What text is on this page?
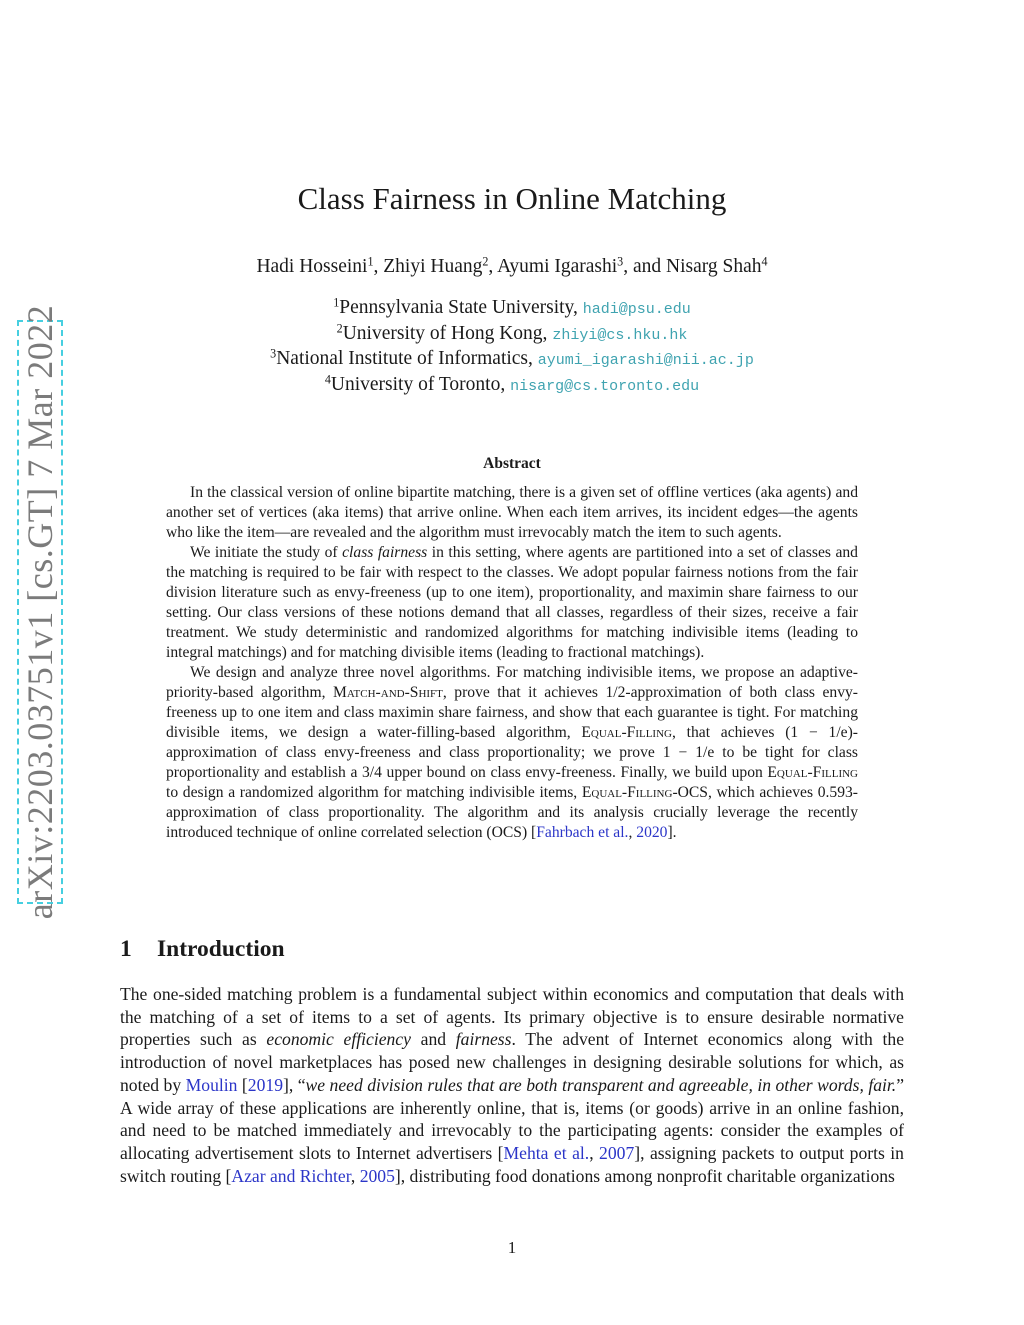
arXiv:2203.03751v1 [cs.GT] 7 Mar 2022
Class Fairness in Online Matching
Hadi Hosseini$^1$, Zhiyi Huang$^2$, Ayumi Igarashi$^3$, and Nisarg Shah$^4$
$^1$Pennsylvania State University, hadi@psu.edu
$^2$University of Hong Kong, zhiyi@cs.hku.hk
$^3$National Institute of Informatics, ayumi_igarashi@nii.ac.jp
$^4$University of Toronto, nisarg@cs.toronto.edu
Abstract

In the classical version of online bipartite matching, there is a given set of offline vertices (aka agents) and another set of vertices (aka items) that arrive online. When each item arrives, its incident edges—the agents who like the item—are revealed and the algorithm must irrevocably match the item to such agents.

We initiate the study of class fairness in this setting, where agents are partitioned into a set of classes and the matching is required to be fair with respect to the classes. We adopt popular fairness notions from the fair division literature such as envy-freeness (up to one item), proportionality, and maximin share fairness to our setting. Our class versions of these notions demand that all classes, regardless of their sizes, receive a fair treatment. We study deterministic and randomized algorithms for matching indivisible items (leading to integral matchings) and for matching divisible items (leading to fractional matchings).

We design and analyze three novel algorithms. For matching indivisible items, we propose an adaptive-priority-based algorithm, Match-and-Shift, prove that it achieves 1/2-approximation of both class envy-freeness up to one item and class maximin share fairness, and show that each guarantee is tight. For matching divisible items, we design a water-filling-based algorithm, Equal-Filling, that achieves (1 − 1/e)-approximation of class envy-freeness and class proportionality; we prove 1 − 1/e to be tight for class proportionality and establish a 3/4 upper bound on class envy-freeness. Finally, we build upon Equal-Filling to design a randomized algorithm for matching indivisible items, Equal-Filling-OCS, which achieves 0.593-approximation of class proportionality. The algorithm and its analysis crucially leverage the recently introduced technique of online correlated selection (OCS) [Fahrbach et al., 2020].

1 Introduction

The one-sided matching problem is a fundamental subject within economics and computation that deals with the matching of a set of items to a set of agents. Its primary objective is to ensure desirable normative properties such as economic efficiency and fairness. The advent of Internet economics along with the introduction of novel marketplaces has posed new challenges in designing desirable solutions for which, as noted by Moulin [2019], “we need division rules that are both transparent and agreeable, in other words, fair.” A wide array of these applications are inherently online, that is, items (or goods) arrive in an online fashion, and need to be matched immediately and irrevocably to the participating agents: consider the examples of allocating advertisement slots to Internet advertisers [Mehta et al., 2007], assigning packets to output ports in switch routing [Azar and Richter, 2005], distributing food donations among nonprofit charitable organizations

1
